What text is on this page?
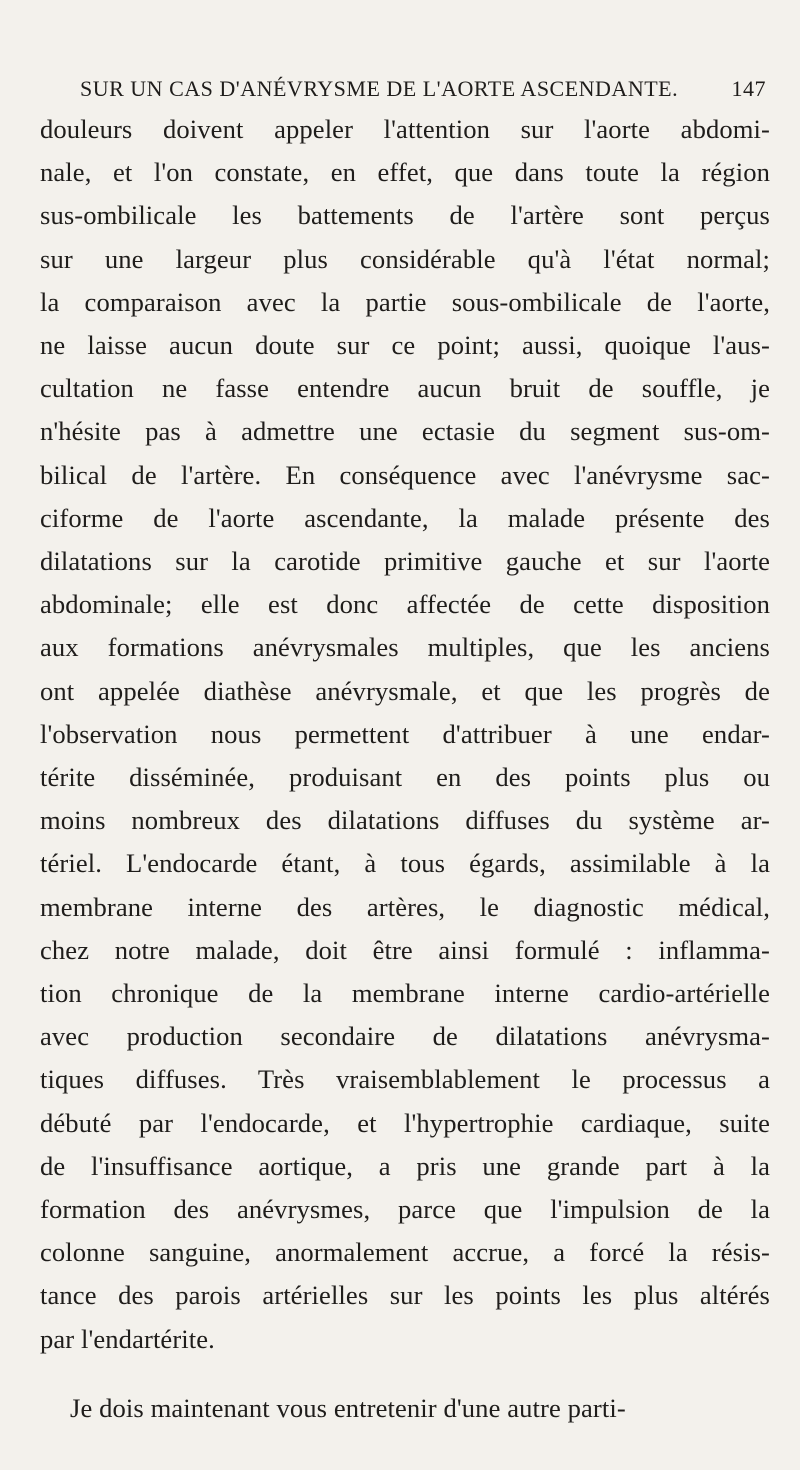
SUR UN CAS D'ANÉVRYSME DE L'AORTE ASCENDANTE. 147
douleurs doivent appeler l'attention sur l'aorte abdomi-
nale, et l'on constate, en effet, que dans toute la région
sus-ombilicale les battements de l'artère sont perçus
sur une largeur plus considérable qu'à l'état normal;
la comparaison avec la partie sous-ombilicale de l'aorte,
ne laisse aucun doute sur ce point; aussi, quoique l'aus-
cultation ne fasse entendre aucun bruit de souffle, je
n'hésite pas à admettre une ectasie du segment sus-om-
bilical de l'artère. En conséquence avec l'anévrysme sac-
ciforme de l'aorte ascendante, la malade présente des
dilatations sur la carotide primitive gauche et sur l'aorte
abdominale; elle est donc affectée de cette disposition
aux formations anévrysmales multiples, que les anciens
ont appelée diathèse anévrysmale, et que les progrès de
l'observation nous permettent d'attribuer à une endar-
térite disséminée, produisant en des points plus ou
moins nombreux des dilatations diffuses du système ar-
tériel. L'endocarde étant, à tous égards, assimilable à la
membrane interne des artères, le diagnostic médical,
chez notre malade, doit être ainsi formulé : inflamma-
tion chronique de la membrane interne cardio-artérielle
avec production secondaire de dilatations anévrysma-
tiques diffuses. Très vraisemblablement le processus a
débuté par l'endocarde, et l'hypertrophie cardiaque, suite
de l'insuffisance aortique, a pris une grande part à la
formation des anévrysmes, parce que l'impulsion de la
colonne sanguine, anormalement accrue, a forcé la résis-
tance des parois artérielles sur les points les plus altérés
par l'endartérite.
Je dois maintenant vous entretenir d'une autre parti-
